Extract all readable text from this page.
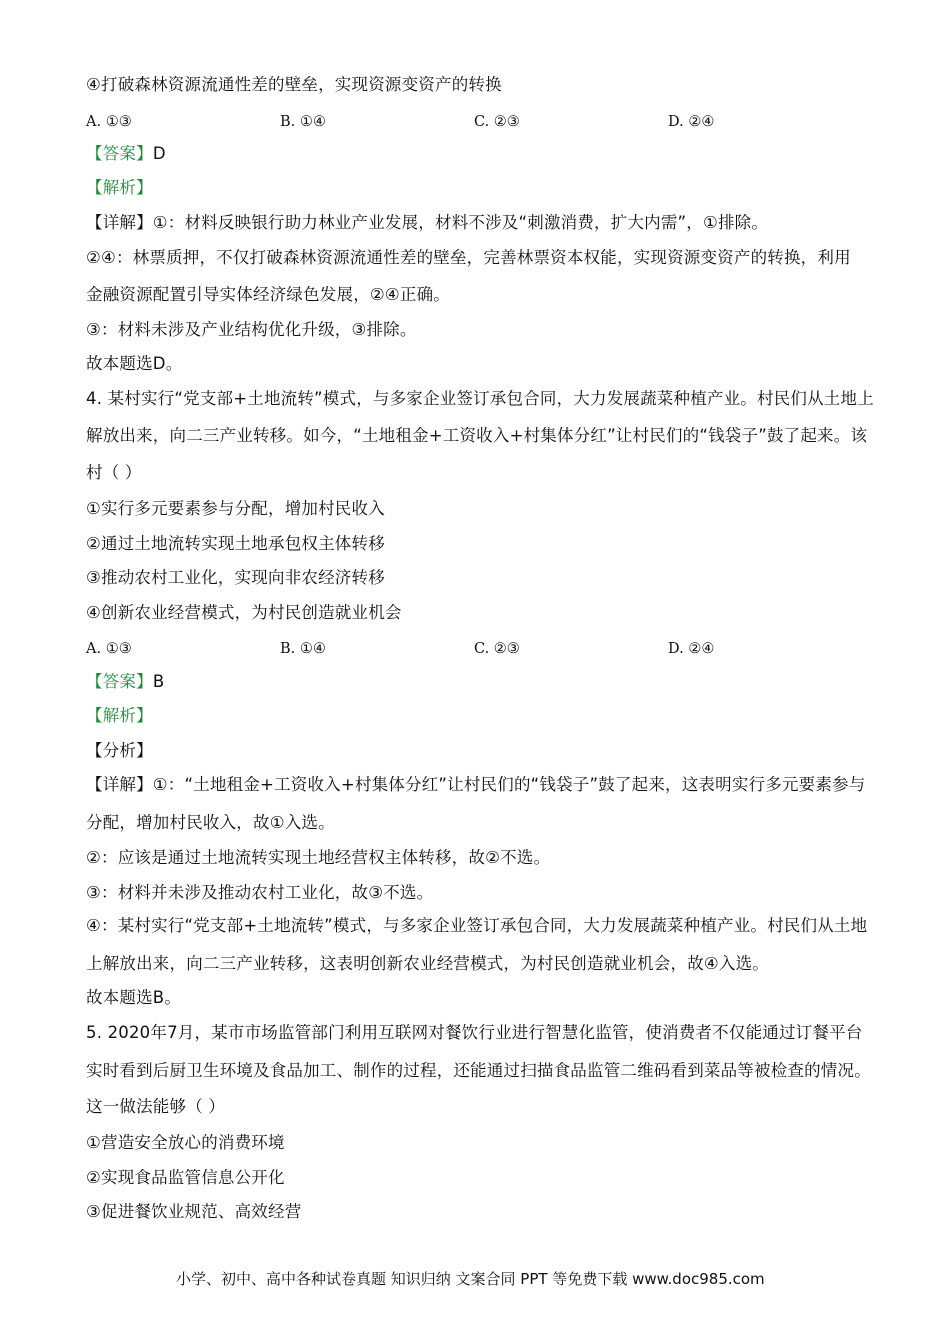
④打破森林资源流通性差的壁垒，实现资源变资产的转换
A. ①③	B. ①④	C. ②③	D. ②④
【答案】D
【解析】
【详解】①：材料反映银行助力林业产业发展，材料不涉及“刺激消费，扩大内需”，①排除。
②④：林票质押，不仅打破森林资源流通性差的壁垒，完善林票资本权能，实现资源变资产的转换，利用
金融资源配置引导实体经济绿色发展，②④正确。
③：材料未涉及产业结构优化升级，③排除。
故本题选D。
4. 某村实行“党支部+土地流转”模式，与多家企业签订承包合同，大力发展蔬菜种植产业。村民们从土地上
解放出来，向二三产业转移。如今，“土地租金+工资收入+村集体分红”让村民们的“钱袋子”鼓了起来。该
村（ ）
①实行多元要素参与分配，增加村民收入
②通过土地流转实现土地承包权主体转移
③推动农村工业化，实现向非农经济转移
④创新农业经营模式，为村民创造就业机会
A. ①③	B. ①④	C. ②③	D. ②④
【答案】B
【解析】
【分析】
【详解】①：“土地租金+工资收入+村集体分红”让村民们的“钱袋子”鼓了起来，这表明实行多元要素参与
分配，增加村民收入，故①入选。
②：应该是通过土地流转实现土地经营权主体转移，故②不选。
③：材料并未涉及推动农村工业化，故③不选。
④：某村实行“党支部+土地流转”模式，与多家企业签订承包合同，大力发展蔬菜种植产业。村民们从土地
上解放出来，向二三产业转移，这表明创新农业经营模式，为村民创造就业机会，故④入选。
故本题选B。
5. 2020年7月，某市市场监管部门利用互联网对餐饮行业进行智慧化监管，使消费者不仅能通过订餐平台
实时看到后厨卫生环境及食品加工、制作的过程，还能通过扫描食品监管二维码看到菜品等被检查的情况。
这一做法能够（ ）
①营造安全放心的消费环境
②实现食品监管信息公开化
③促进餐饮业规范、高效经营
小学、初中、高中各种试卷真题 知识归纳 文案合同 PPT 等免费下载 www.doc985.com
